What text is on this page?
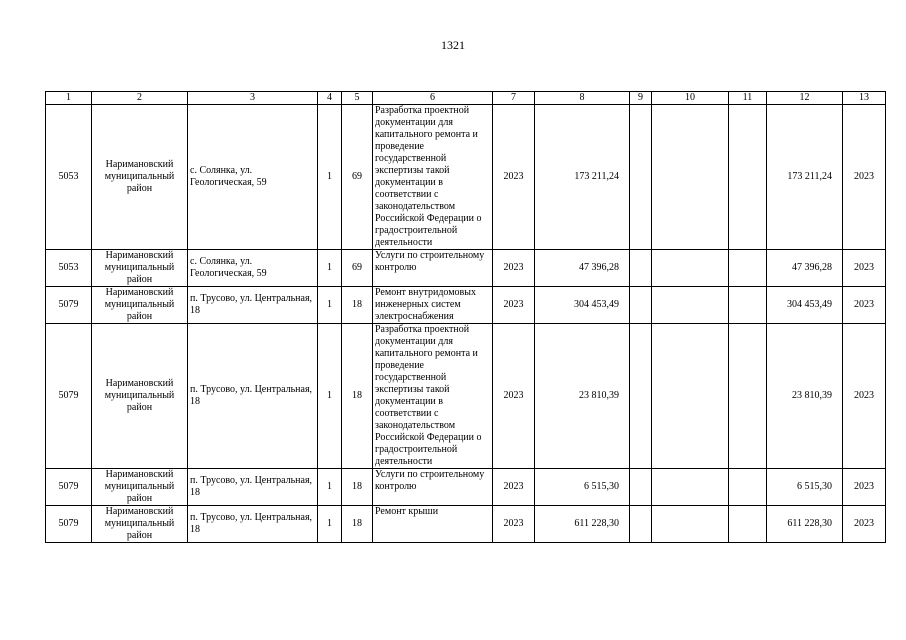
1321
1	2	3	4	5	6	7	8	9	10	11	12	13
5053	Наримановский муниципальный район	с. Солянка, ул. Геологическая, 59	1	69	Разработка проектной документации для капитального ремонта и проведение государственной экспертизы такой документации в соответствии с законодательством Российской Федерации о градостроительной деятельности	2023	173 211,24				173 211,24	2023
5053	Наримановский муниципальный район	с. Солянка, ул. Геологическая, 59	1	69	Услуги по строительному контролю	2023	47 396,28				47 396,28	2023
5079	Наримановский муниципальный район	п. Трусово, ул. Центральная, 18	1	18	Ремонт внутридомовых инженерных систем электроснабжения	2023	304 453,49				304 453,49	2023
5079	Наримановский муниципальный район	п. Трусово, ул. Центральная, 18	1	18	Разработка проектной документации для капитального ремонта и проведение государственной экспертизы такой документации в соответствии с законодательством Российской Федерации о градостроительной деятельности	2023	23 810,39				23 810,39	2023
5079	Наримановский муниципальный район	п. Трусово, ул. Центральная, 18	1	18	Услуги по строительному контролю	2023	6 515,30				6 515,30	2023
5079	Наримановский муниципальный район	п. Трусово, ул. Центральная, 18	1	18	Ремонт крыши	2023	611 228,30				611 228,30	2023
